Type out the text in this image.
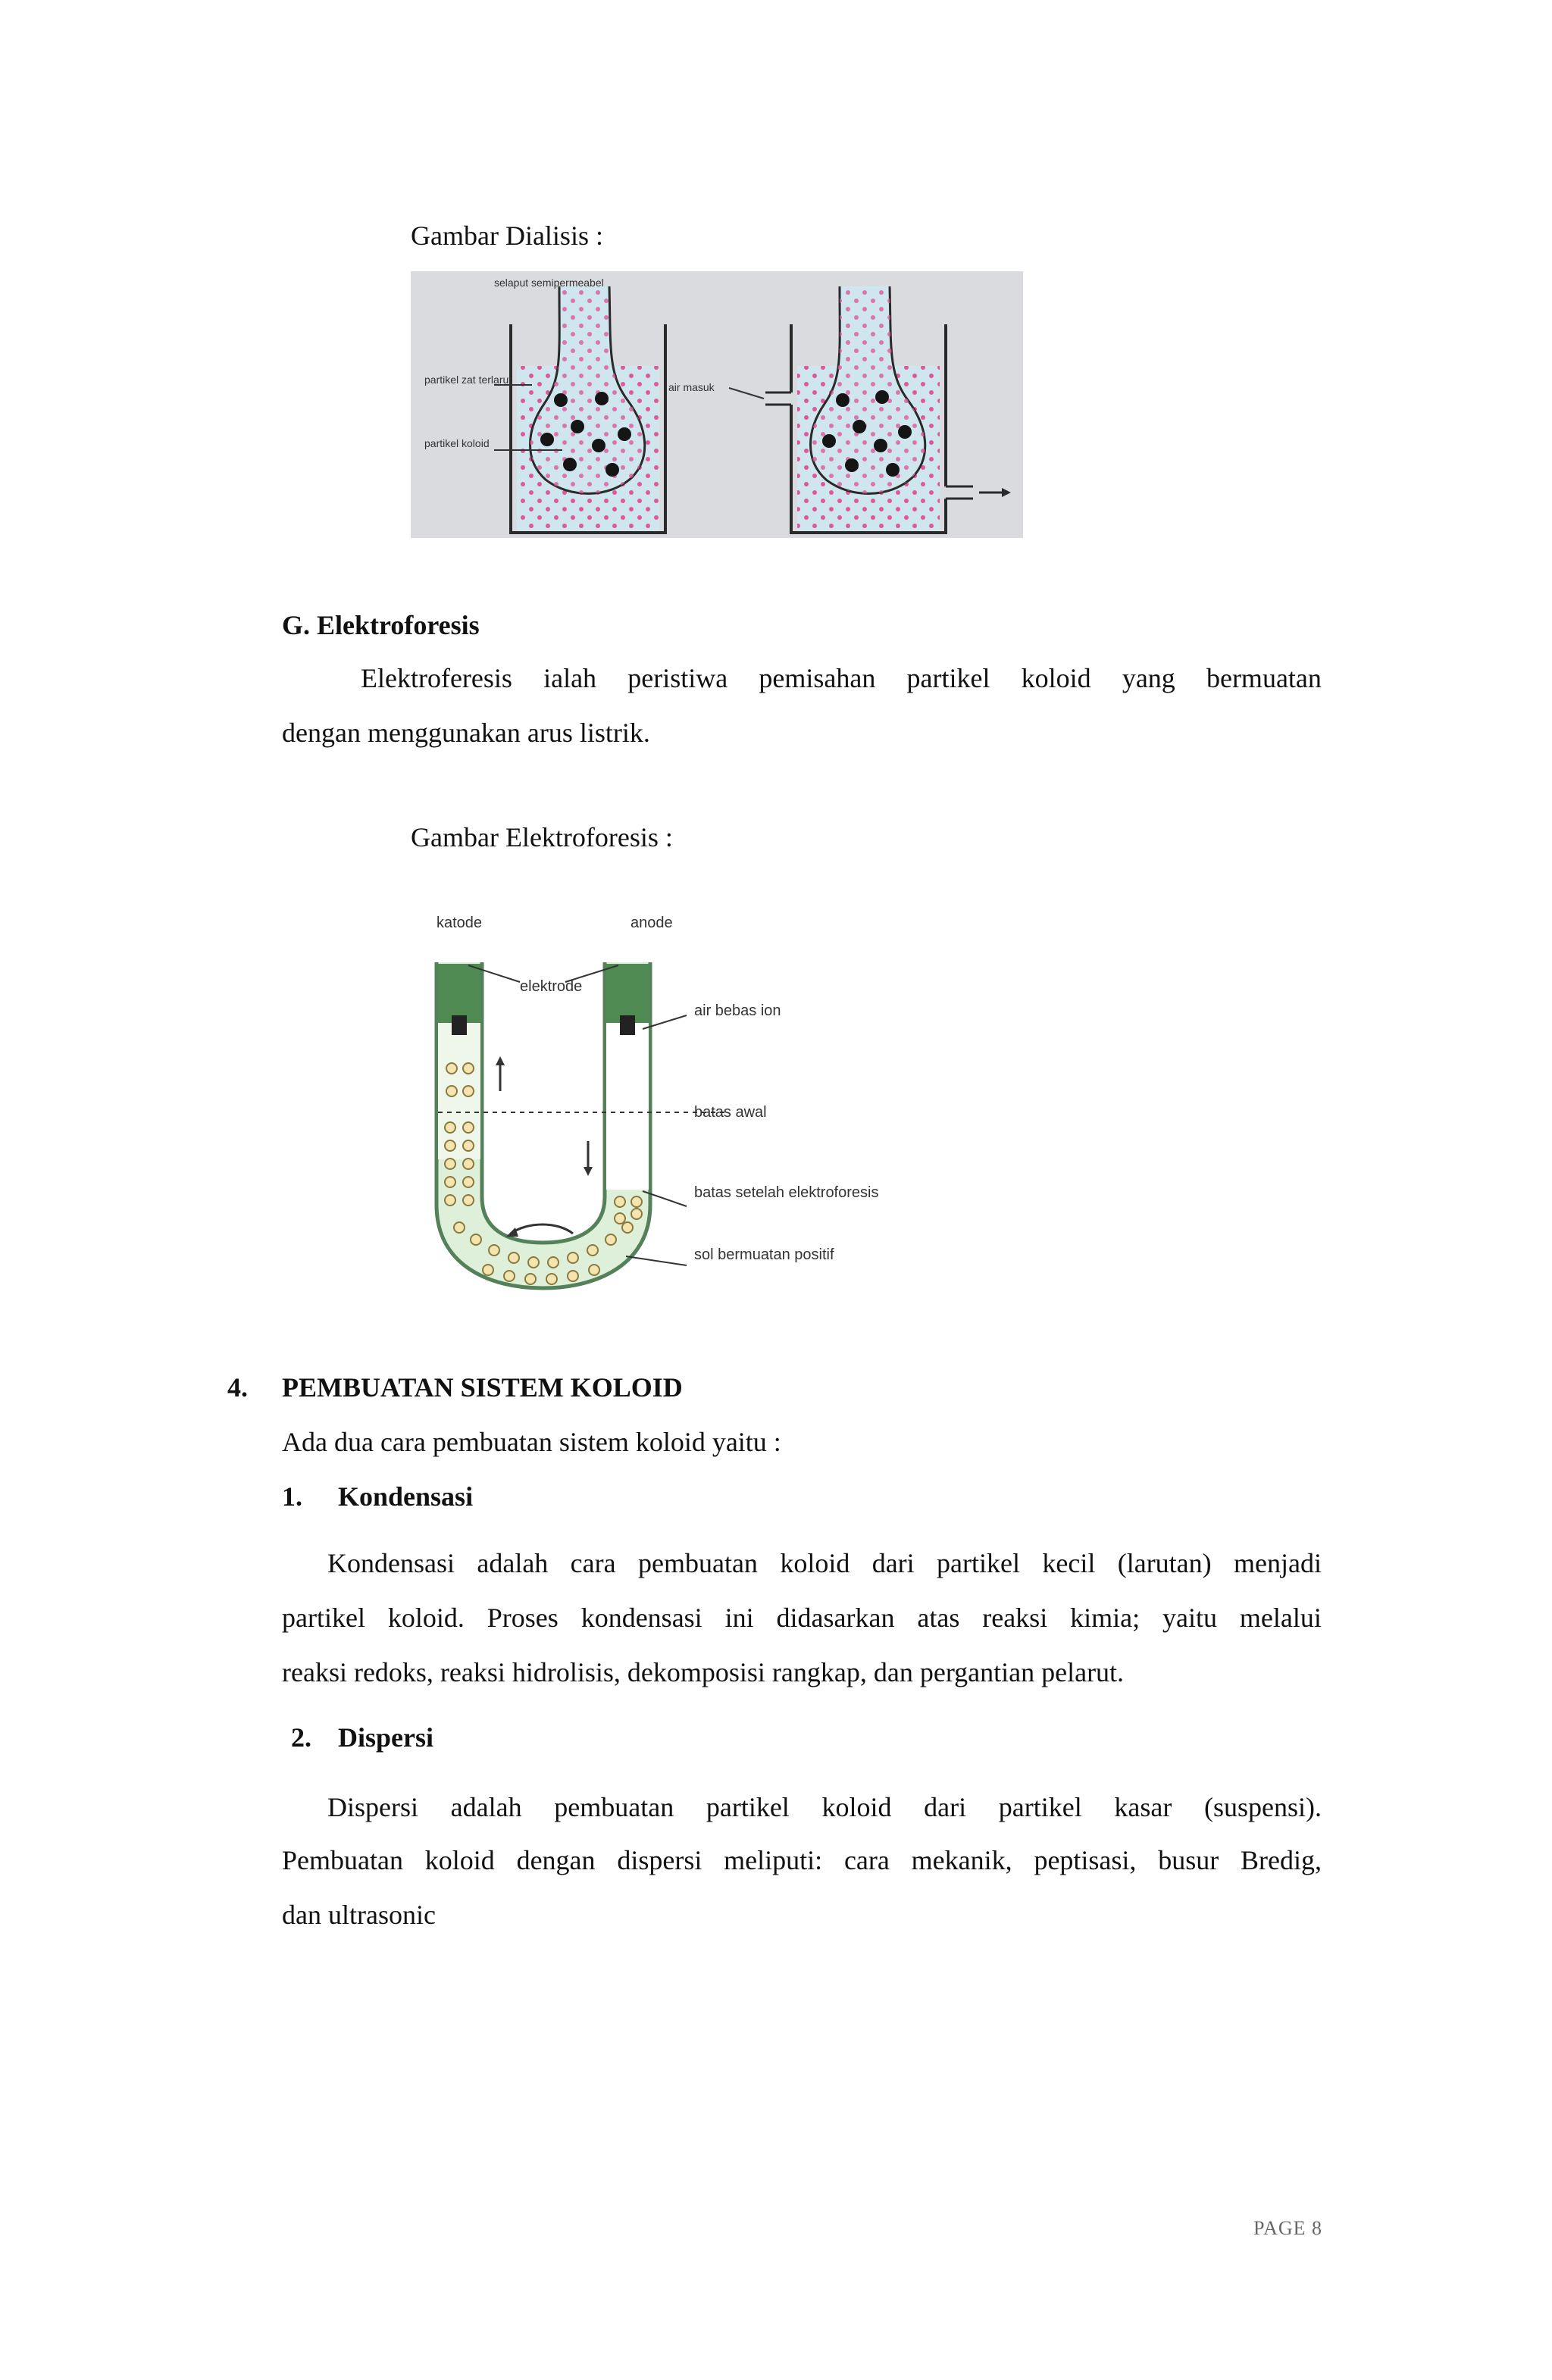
Gambar Dialisis :
selaput semipermeabel
partikel zat terlarut
partikel koloid
air masuk
G. Elektroforesis
Elektroferesis ialah peristiwa pemisahan partikel koloid yang bermuatan
dengan menggunakan arus listrik.
Gambar Elektroforesis :
katode	anode
elektrode
air bebas ion
batas awal
batas setelah elektroforesis
sol bermuatan positif
4. PEMBUATAN SISTEM KOLOID
Ada dua cara pembuatan sistem koloid yaitu :
1. Kondensasi
Kondensasi adalah cara pembuatan koloid dari partikel kecil (larutan) menjadi
partikel koloid. Proses kondensasi ini didasarkan atas reaksi kimia; yaitu melalui
reaksi redoks, reaksi hidrolisis, dekomposisi rangkap, dan pergantian pelarut.
2. Dispersi
Dispersi adalah pembuatan partikel koloid dari partikel kasar (suspensi).
Pembuatan koloid dengan dispersi meliputi: cara mekanik, peptisasi, busur Bredig,
dan ultrasonic
PAGE 8
